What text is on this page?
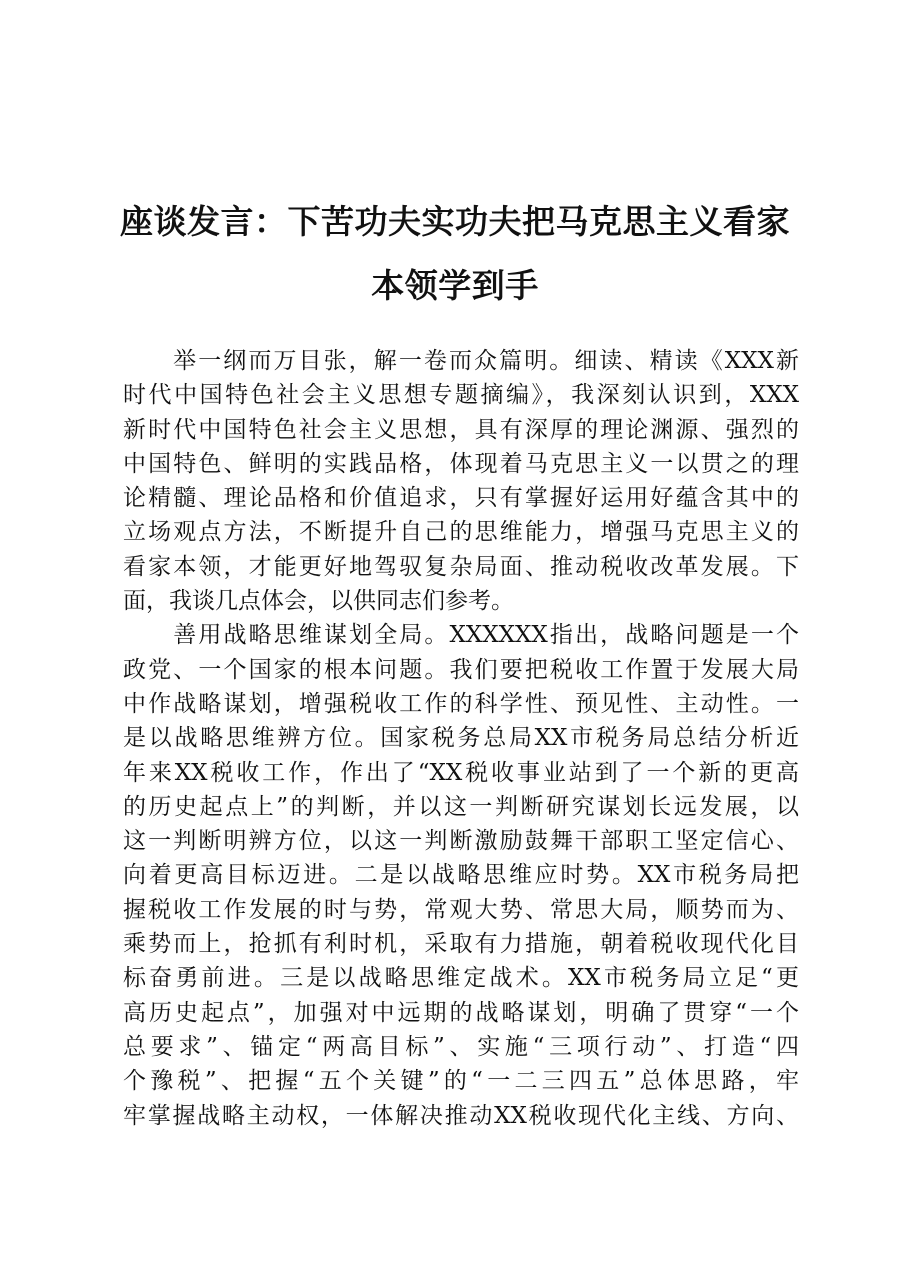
座谈发言：下苦功夫实功夫把马克思主义看家
本领学到手
　　举一纲而万目张，解一卷而众篇明。细读、精读《XXX新
时代中国特色社会主义思想专题摘编》，我深刻认识到，XXX
新时代中国特色社会主义思想，具有深厚的理论渊源、强烈的
中国特色、鲜明的实践品格，体现着马克思主义一以贯之的理
论精髓、理论品格和价值追求，只有掌握好运用好蕴含其中的
立场观点方法，不断提升自己的思维能力，增强马克思主义的
看家本领，才能更好地驾驭复杂局面、推动税收改革发展。下
面，我谈几点体会，以供同志们参考。
　　善用战略思维谋划全局。XXXXXX指出，战略问题是一个
政党、一个国家的根本问题。我们要把税收工作置于发展大局
中作战略谋划，增强税收工作的科学性、预见性、主动性。一
是以战略思维辨方位。国家税务总局XX市税务局总结分析近
年来XX税收工作，作出了“XX税收事业站到了一个新的更高
的历史起点上”的判断，并以这一判断研究谋划长远发展，以
这一判断明辨方位，以这一判断激励鼓舞干部职工坚定信心、
向着更高目标迈进。二是以战略思维应时势。XX市税务局把
握税收工作发展的时与势，常观大势、常思大局，顺势而为、
乘势而上，抢抓有利时机，采取有力措施，朝着税收现代化目
标奋勇前进。三是以战略思维定战术。XX市税务局立足“更
高历史起点”，加强对中远期的战略谋划，明确了贯穿“一个
总要求”、锚定“两高目标”、实施“三项行动”、打造“四
个豫税”、把握“五个关键”的“一二三四五”总体思路，牢
牢掌握战略主动权，一体解决推动XX税收现代化主线、方向、
